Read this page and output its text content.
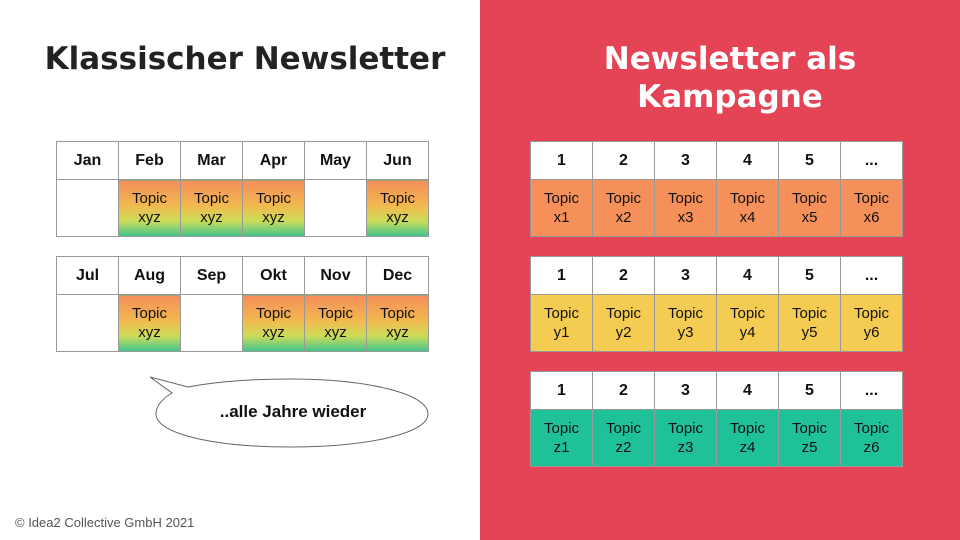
Klassischer Newsletter	Newsletter als
Kampagne
Jan	Feb	Mar	Apr	May	Jun
	Topic
xyz	Topic
xyz	Topic
xyz		Topic
xyz
Jul	Aug	Sep	Okt	Nov	Dec
	Topic
xyz		Topic
xyz	Topic
xyz	Topic
xyz
..alle Jahre wieder
1	2	3	4	5	...
Topic
x1	Topic
x2	Topic
x3	Topic
x4	Topic
x5	Topic
x6
1	2	3	4	5	...
Topic
y1	Topic
y2	Topic
y3	Topic
y4	Topic
y5	Topic
y6
1	2	3	4	5	...
Topic
z1	Topic
z2	Topic
z3	Topic
z4	Topic
z5	Topic
z6
© Idea2 Collective GmbH 2021
